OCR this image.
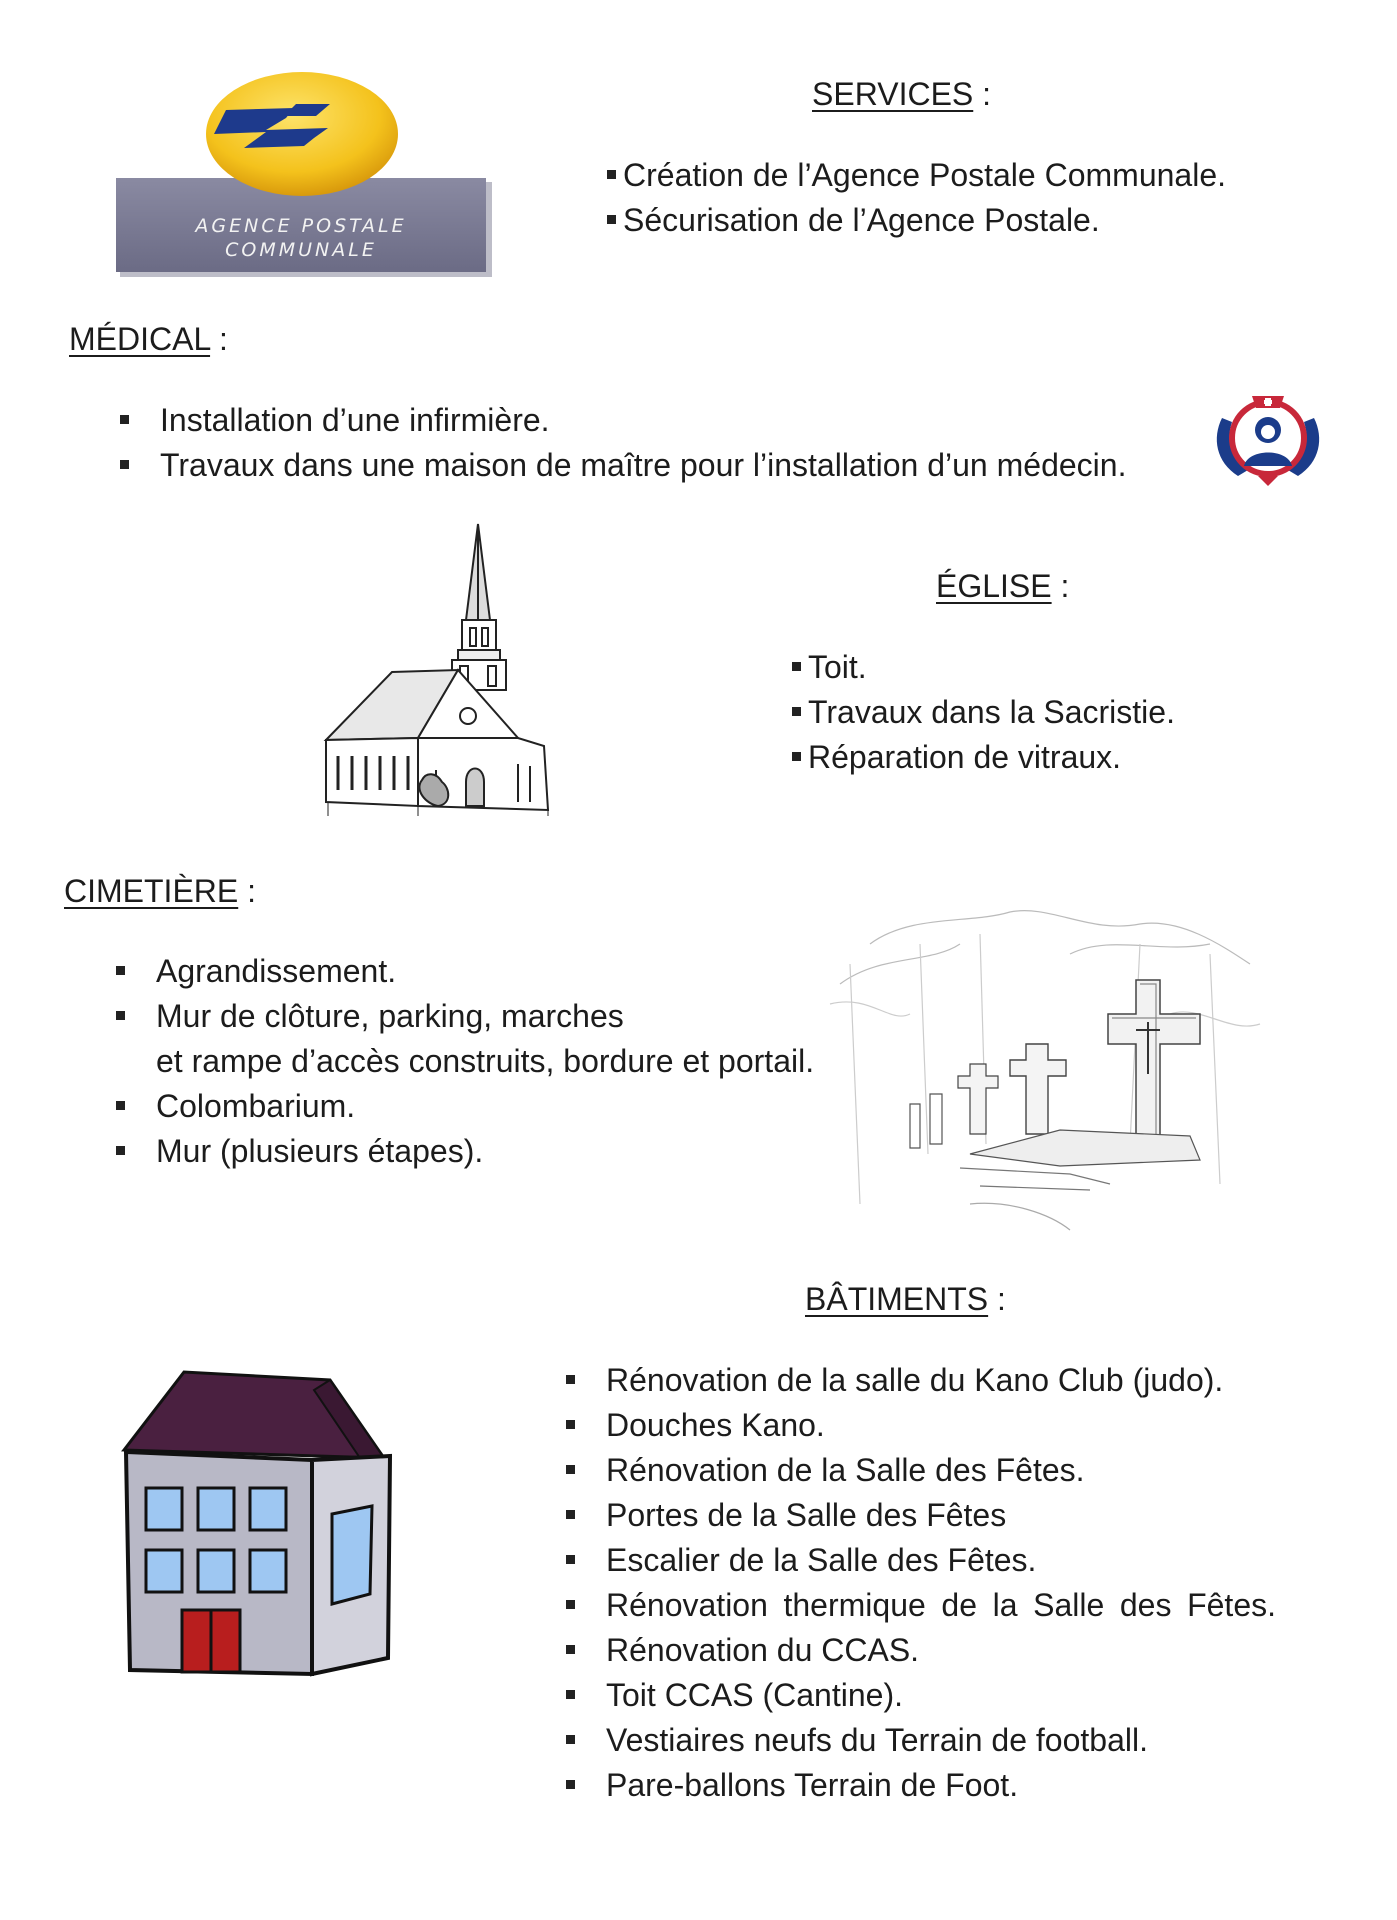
AGENCE POSTALE
COMMUNALE
SERVICES :
Création de l’Agence Postale Communale.
Sécurisation de l’Agence Postale.
MÉDICAL :
Installation d’une infirmière.
Travaux dans une maison de maître pour l’installation d’un médecin.
ÉGLISE :
Toit.
Travaux dans la Sacristie.
Réparation de vitraux.
CIMETIÈRE :
Agrandissement.
Mur de clôture, parking, marches
et rampe d’accès construits, bordure et portail.
Colombarium.
Mur (plusieurs étapes).
BÂTIMENTS :
Rénovation de la salle du Kano Club (judo).
Douches Kano.
Rénovation de la Salle des Fêtes.
Portes de la Salle des Fêtes
Escalier de la Salle des Fêtes.
Rénovation thermique de la Salle des Fêtes.
Rénovation du CCAS.
Toit CCAS (Cantine).
Vestiaires neufs du Terrain de football.
Pare-ballons Terrain de Foot.
